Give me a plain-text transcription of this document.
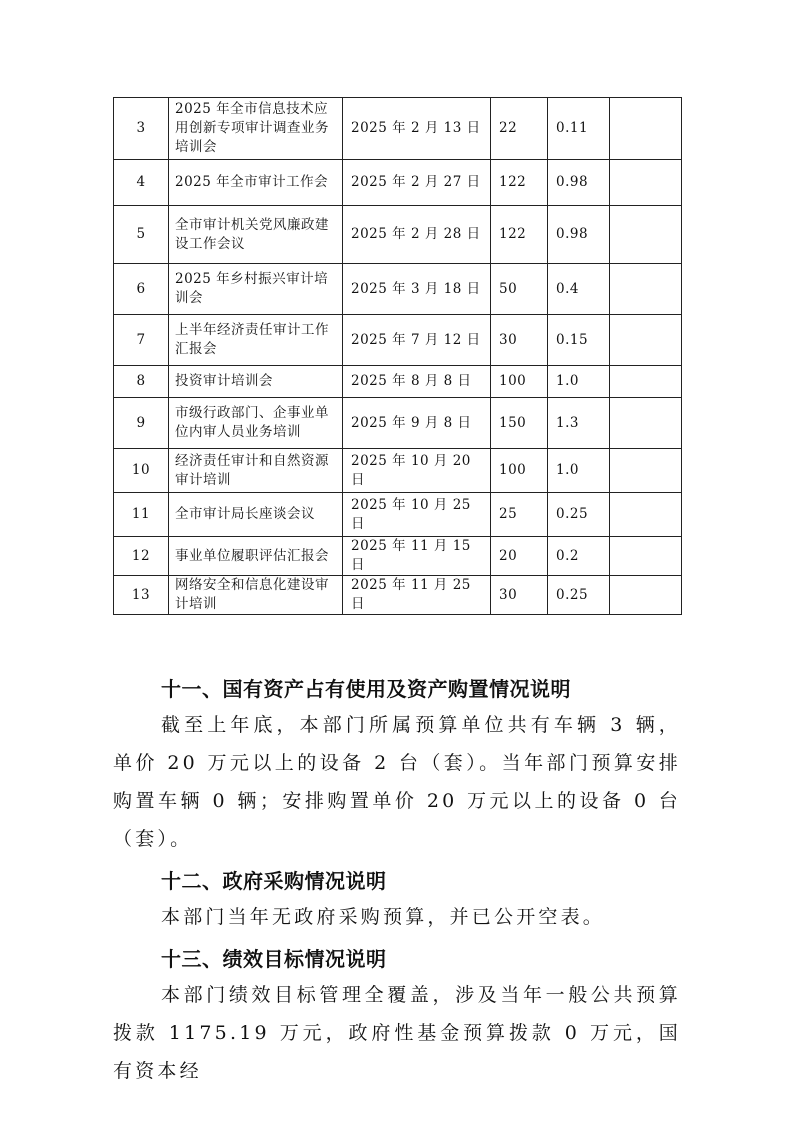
3	2025 年全市信息技术应用创新专项审计调查业务培训会	2025 年 2 月 13 日	22	0.11	
4	2025 年全市审计工作会	2025 年 2 月 27 日	122	0.98	
5	全市审计机关党风廉政建设工作会议	2025 年 2 月 28 日	122	0.98	
6	2025 年乡村振兴审计培训会	2025 年 3 月 18 日	50	0.4	
7	上半年经济责任审计工作汇报会	2025 年 7 月 12 日	30	0.15	
8	投资审计培训会	2025 年 8 月 8 日	100	1.0	
9	市级行政部门、企事业单位内审人员业务培训	2025 年 9 月 8 日	150	1.3	
10	经济责任审计和自然资源审计培训	2025 年 10 月 20 日	100	1.0	
11	全市审计局长座谈会议	2025 年 10 月 25 日	25	0.25	
12	事业单位履职评估汇报会	2025 年 11 月 15 日	20	0.2	
13	网络安全和信息化建设审计培训	2025 年 11 月 25 日	30	0.25	
十一、国有资产占有使用及资产购置情况说明

截至上年底，本部门所属预算单位共有车辆 3 辆，单价 20 万元以上的设备 2 台（套）。当年部门预算安排购置车辆 0 辆；安排购置单价 20 万元以上的设备 0 台（套）。

十二、政府采购情况说明

本部门当年无政府采购预算，并已公开空表。

十三、绩效目标情况说明

本部门绩效目标管理全覆盖，涉及当年一般公共预算拨款 1175.19 万元，政府性基金预算拨款 0 万元，国有资本经
